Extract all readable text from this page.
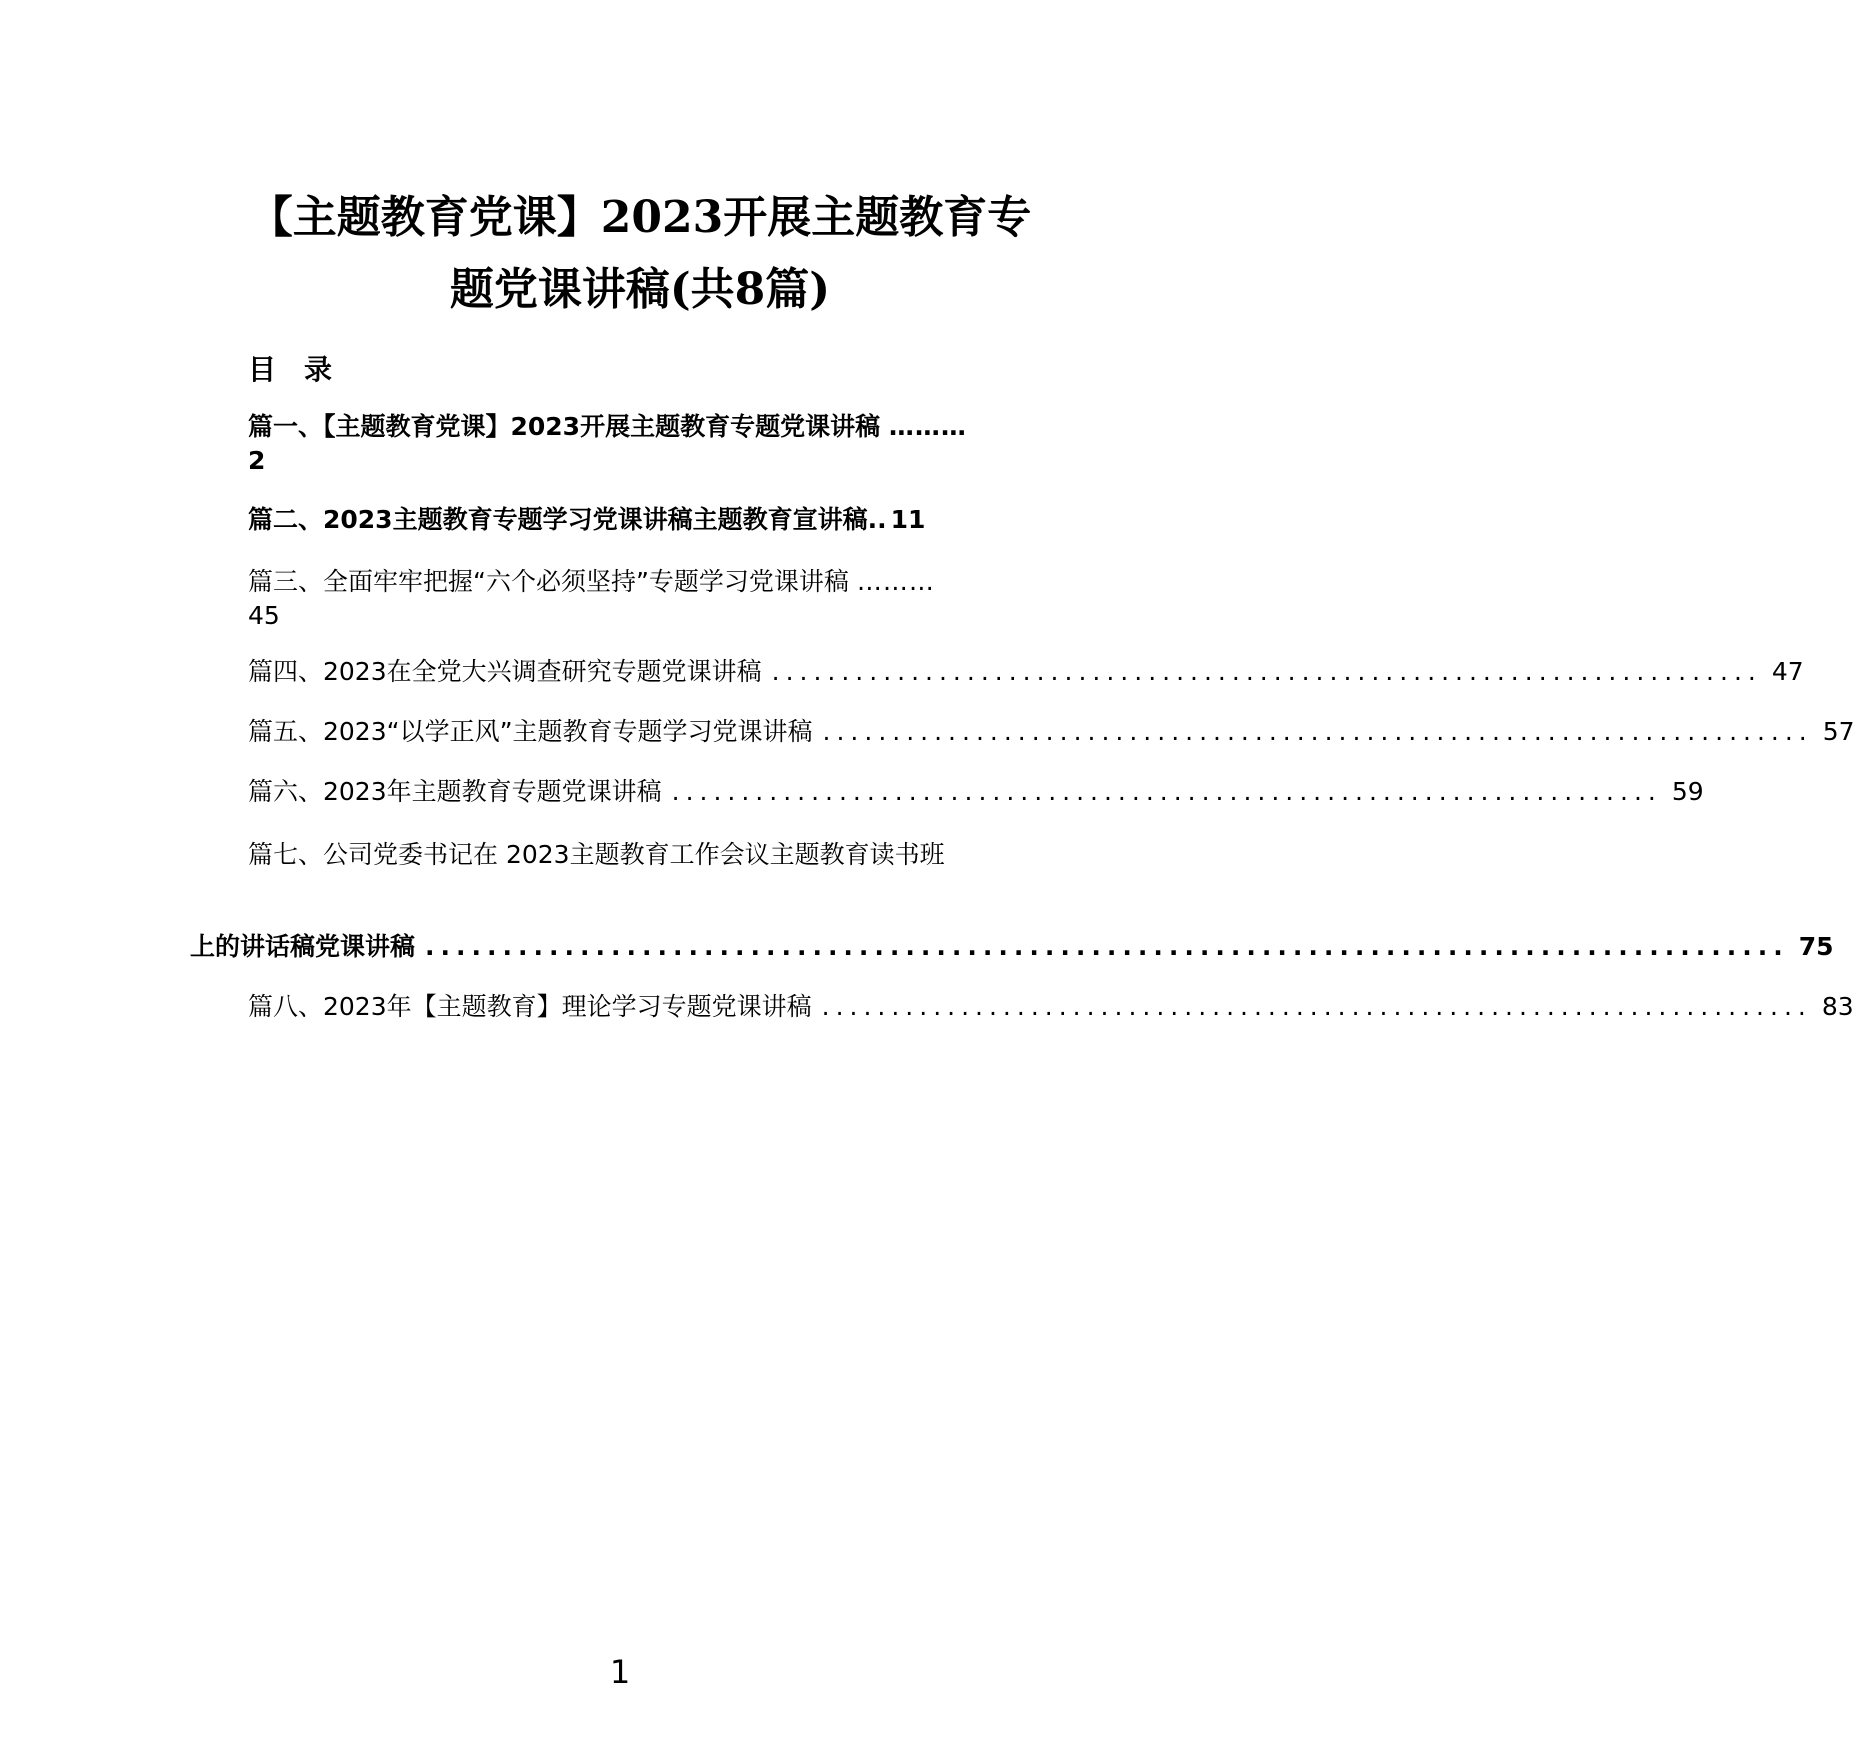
【主题教育党课】2023开展主题教育专
题党课讲稿(共8篇)
目录
篇一、【主题教育党课】2023开展主题教育专题党课讲稿 ………
2
篇二、2023主题教育专题学习党课讲稿主题教育宣讲稿 .. 11
篇三、全面牢牢把握“六个必须坚持”专题学习党课讲稿 ………
45
篇四、2023在全党大兴调查研究专题党课讲稿 ....................................................................... 47
篇五、2023“以学正风”主题教育专题学习党课讲稿 ....................................................................... 57
篇六、2023年主题教育专题党课讲稿 ....................................................................... 59
篇七、公司党委书记在 2023主题教育工作会议主题教育读书班
上的讲话稿党课讲稿 ........................................................................................ 75
篇八、2023年【主题教育】理论学习专题党课讲稿 ....................................................................... 83
1
